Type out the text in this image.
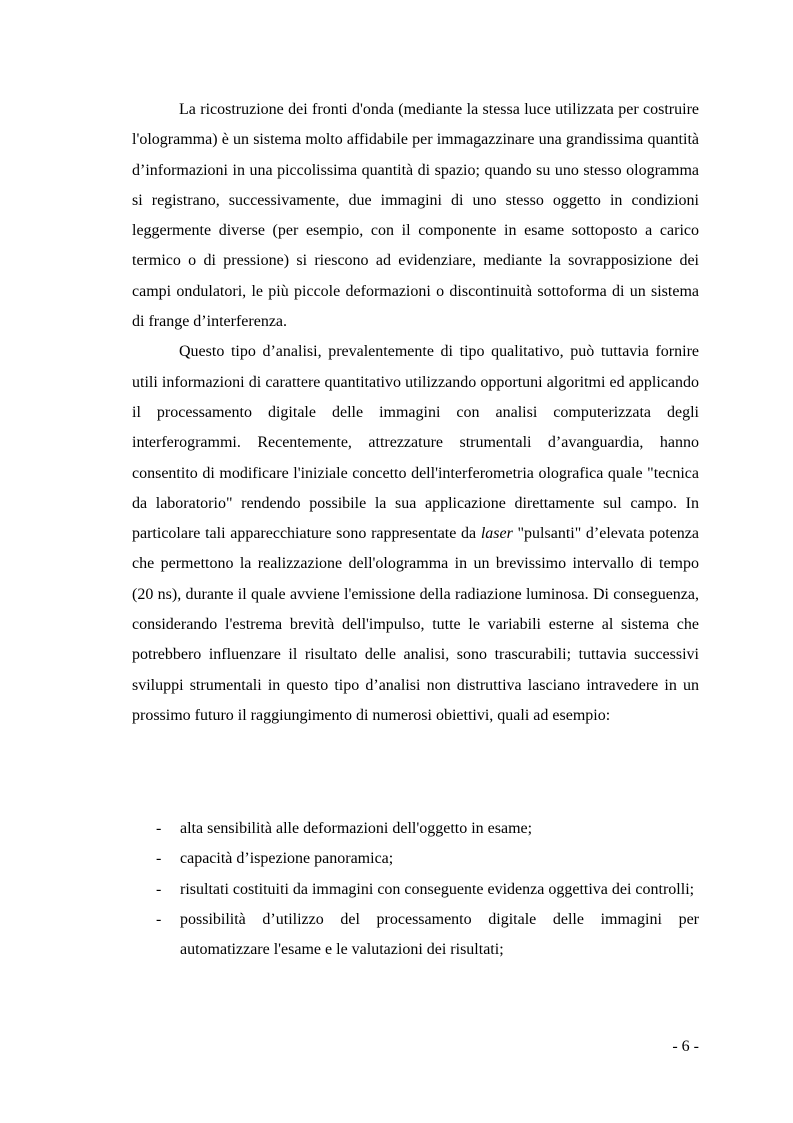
La ricostruzione dei fronti d'onda (mediante la stessa luce utilizzata per costruire l'ologramma) è un sistema molto affidabile per immagazzinare una grandissima quantità d’informazioni in una piccolissima quantità di spazio; quando su uno stesso ologramma si registrano, successivamente, due immagini di uno stesso oggetto in condizioni leggermente diverse (per esempio, con il componente in esame sottoposto a carico termico o di pressione) si riescono ad evidenziare, mediante la sovrapposizione dei campi ondulatori, le più piccole deformazioni o discontinuità sottoforma di un sistema di frange d’interferenza.

Questo tipo d’analisi, prevalentemente di tipo qualitativo, può tuttavia fornire utili informazioni di carattere quantitativo utilizzando opportuni algoritmi ed applicando il processamento digitale delle immagini con analisi computerizzata degli interferogrammi. Recentemente, attrezzature strumentali d’avanguardia, hanno consentito di modificare l'iniziale concetto dell'interferometria olografica quale "tecnica da laboratorio" rendendo possibile la sua applicazione direttamente sul campo. In particolare tali apparecchiature sono rappresentate da laser "pulsanti" d’elevata potenza che permettono la realizzazione dell'ologramma in un brevissimo intervallo di tempo (20 ns), durante il quale avviene l'emissione della radiazione luminosa. Di conseguenza, considerando l'estrema brevità dell'impulso, tutte le variabili esterne al sistema che potrebbero influenzare il risultato delle analisi, sono trascurabili; tuttavia successivi sviluppi strumentali in questo tipo d’analisi non distruttiva lasciano intravedere in un prossimo futuro il raggiungimento di numerosi obiettivi, quali ad esempio:

- alta sensibilità alle deformazioni dell'oggetto in esame;
- capacità d’ispezione panoramica;
- risultati costituiti da immagini con conseguente evidenza oggettiva dei controlli;
- possibilità d’utilizzo del processamento digitale delle immagini per automatizzare l'esame e le valutazioni dei risultati;
- 6 -
